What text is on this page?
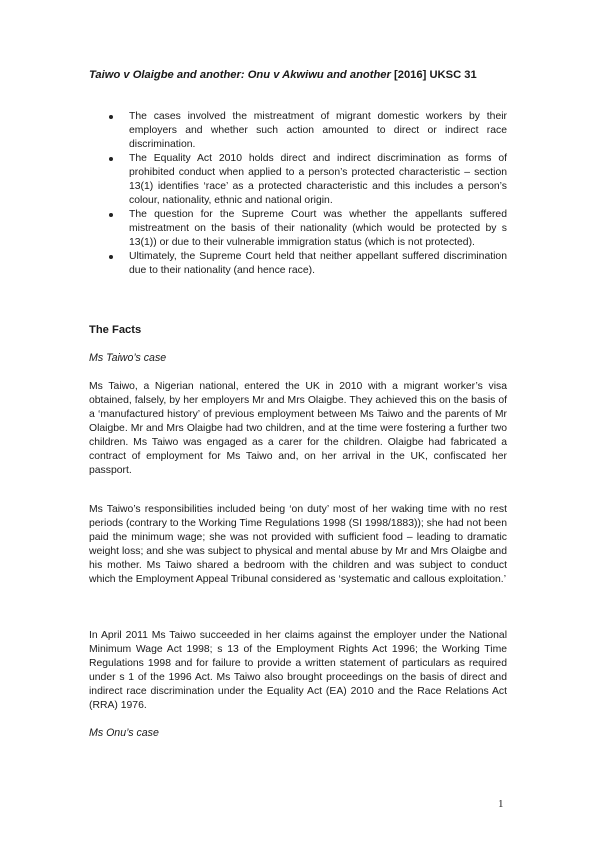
Taiwo v Olaigbe and another: Onu v Akwiwu and another [2016] UKSC 31
The cases involved the mistreatment of migrant domestic workers by their employers and whether such action amounted to direct or indirect race discrimination.
The Equality Act 2010 holds direct and indirect discrimination as forms of prohibited conduct when applied to a person’s protected characteristic – section 13(1) identifies ‘race’ as a protected characteristic and this includes a person’s colour, nationality, ethnic and national origin.
The question for the Supreme Court was whether the appellants suffered mistreatment on the basis of their nationality (which would be protected by s 13(1)) or due to their vulnerable immigration status (which is not protected).
Ultimately, the Supreme Court held that neither appellant suffered discrimination due to their nationality (and hence race).
The Facts
Ms Taiwo’s case

Ms Taiwo, a Nigerian national, entered the UK in 2010 with a migrant worker’s visa obtained, falsely, by her employers Mr and Mrs Olaigbe. They achieved this on the basis of a ‘manufactured history’ of previous employment between Ms Taiwo and the parents of Mr Olaigbe. Mr and Mrs Olaigbe had two children, and at the time were fostering a further two children. Ms Taiwo was engaged as a carer for the children. Olaigbe had fabricated a contract of employment for Ms Taiwo and, on her arrival in the UK, confiscated her passport.

Ms Taiwo’s responsibilities included being ‘on duty’ most of her waking time with no rest periods (contrary to the Working Time Regulations 1998 (SI 1998/1883)); she had not been paid the minimum wage; she was not provided with sufficient food – leading to dramatic weight loss; and she was subject to physical and mental abuse by Mr and Mrs Olaigbe and his mother. Ms Taiwo shared a bedroom with the children and was subject to conduct which the Employment Appeal Tribunal considered as ‘systematic and callous exploitation.’

In April 2011 Ms Taiwo succeeded in her claims against the employer under the National Minimum Wage Act 1998; s 13 of the Employment Rights Act 1996; the Working Time Regulations 1998 and for failure to provide a written statement of particulars as required under s 1 of the 1996 Act. Ms Taiwo also brought proceedings on the basis of direct and indirect race discrimination under the Equality Act (EA) 2010 and the Race Relations Act (RRA) 1976.

Ms Onu’s case
1
